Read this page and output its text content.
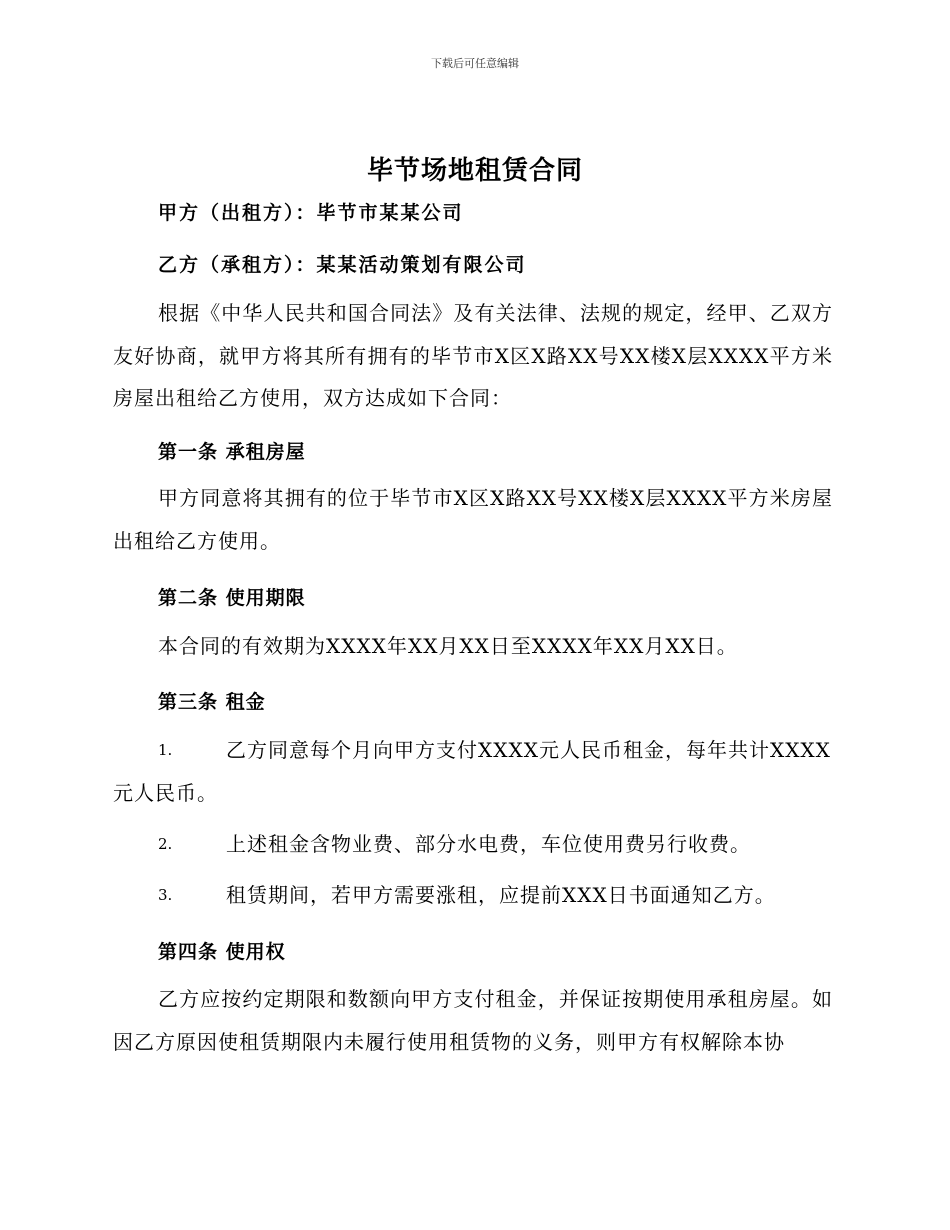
下载后可任意编辑
毕节场地租赁合同
甲方（出租方）：毕节市某某公司
乙方（承租方）：某某活动策划有限公司
根据《中华人民共和国合同法》及有关法律、法规的规定，经甲、乙双方友好协商，就甲方将其所有拥有的毕节市X区X路XX号XX楼X层XXXX平方米房屋出租给乙方使用，双方达成如下合同：
第一条 承租房屋
甲方同意将其拥有的位于毕节市X区X路XX号XX楼X层XXXX平方米房屋出租给乙方使用。
第二条 使用期限
本合同的有效期为XXXX年XX月XX日至XXXX年XX月XX日。
第三条 租金
1.	乙方同意每个月向甲方支付XXXX元人民币租金，每年共计XXXX元人民币。
2.	上述租金含物业费、部分水电费，车位使用费另行收费。
3.	租赁期间，若甲方需要涨租，应提前XXX日书面通知乙方。
第四条 使用权
乙方应按约定期限和数额向甲方支付租金，并保证按期使用承租房屋。如因乙方原因使租赁期限内未履行使用租赁物的义务，则甲方有权解除本协
